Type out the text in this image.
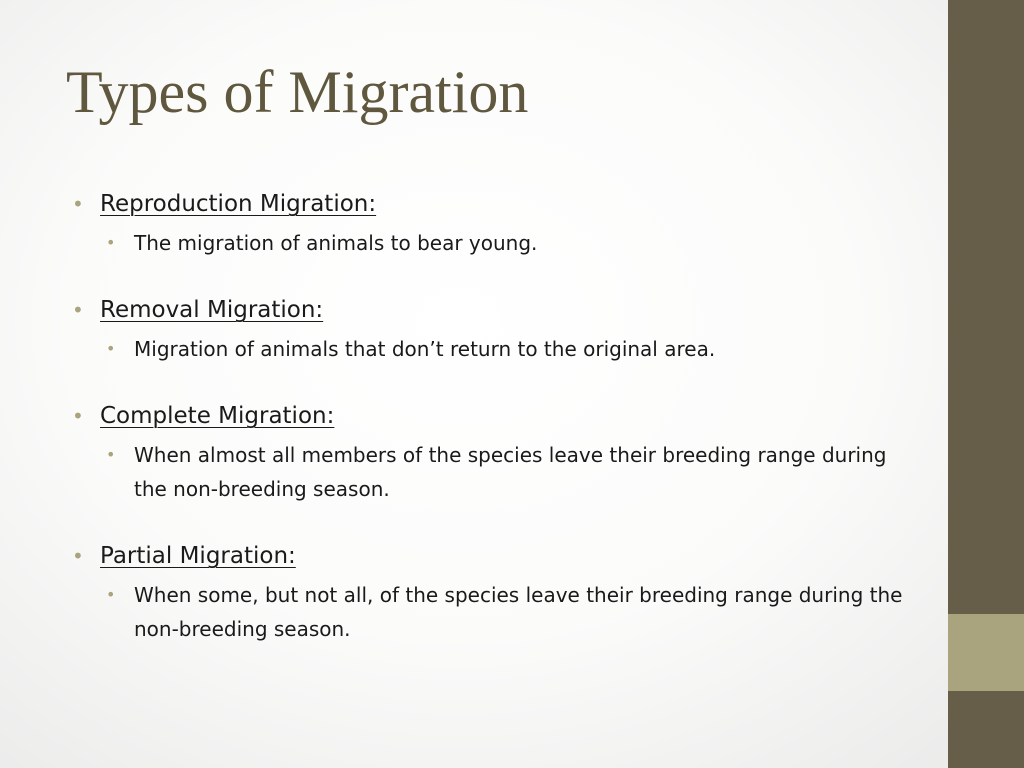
Types of Migration
• Reproduction Migration:
• The migration of animals to bear young.
• Removal Migration:
• Migration of animals that don’t return to the original area.
• Complete Migration:
• When almost all members of the species leave their breeding range during the non-breeding season.
• Partial Migration:
• When some, but not all, of the species leave their breeding range during the non-breeding season.
